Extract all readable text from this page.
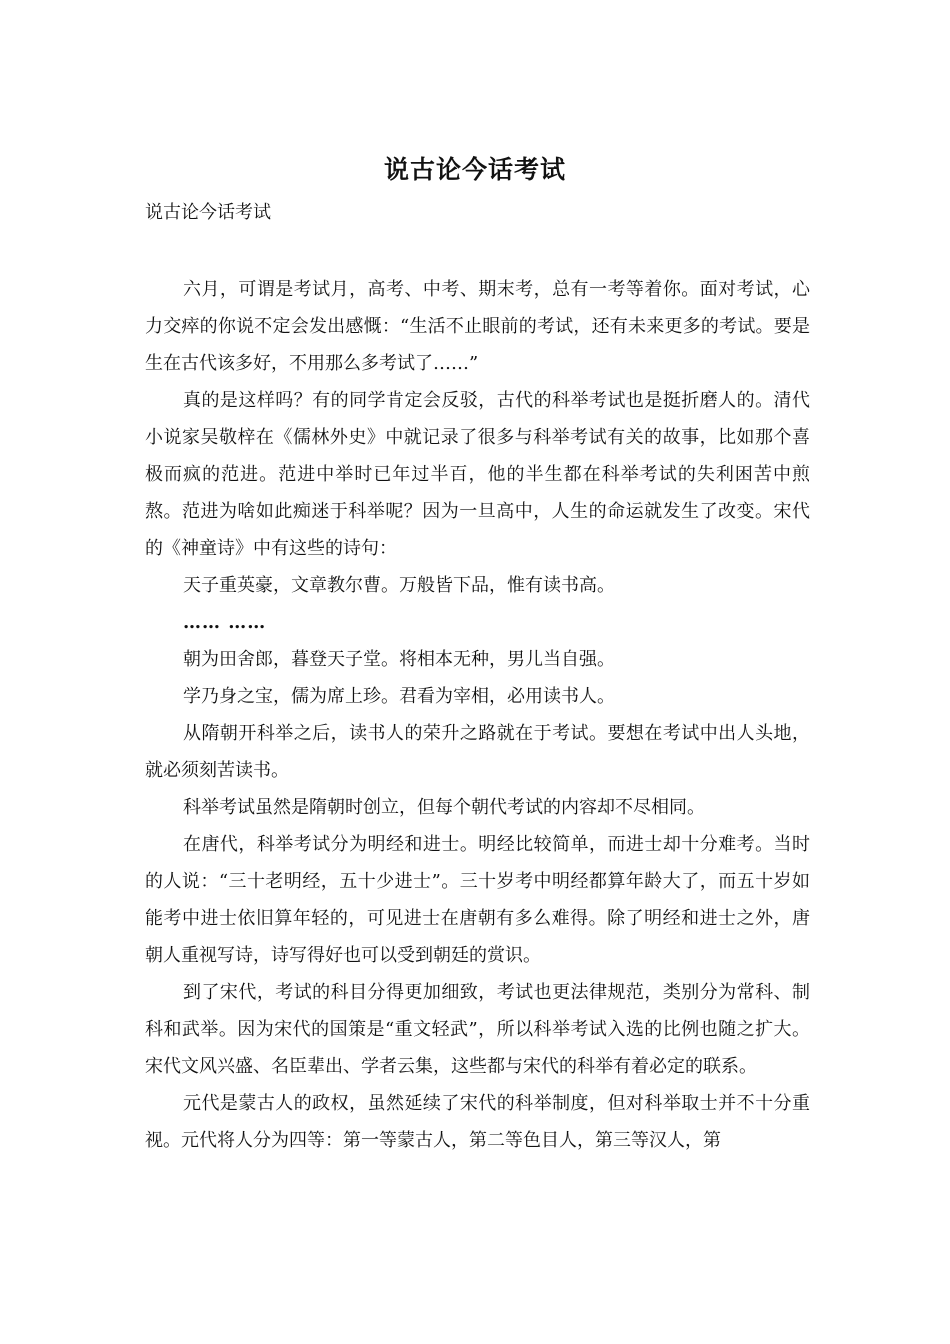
说古论今话考试
说古论今话考试

六月，可谓是考试月，高考、中考、期末考，总有一考等着你。面对考试，心力交瘁的你说不定会发出感慨：“生活不止眼前的考试，还有未来更多的考试。要是生在古代该多好，不用那么多考试了……”

真的是这样吗？有的同学肯定会反驳，古代的科举考试也是挺折磨人的。清代小说家吴敬梓在《儒林外史》中就记录了很多与科举考试有关的故事，比如那个喜极而疯的范进。范进中举时已年过半百，他的半生都在科举考试的失利困苦中煎熬。范进为啥如此痴迷于科举呢？因为一旦高中，人生的命运就发生了改变。宋代的《神童诗》中有这些的诗句：

天子重英豪，文章教尔曹。万般皆下品，惟有读书高。

…… ……

朝为田舍郎，暮登天子堂。将相本无种，男儿当自强。

学乃身之宝，儒为席上珍。君看为宰相，必用读书人。

从隋朝开科举之后，读书人的荣升之路就在于考试。要想在考试中出人头地，就必须刻苦读书。

科举考试虽然是隋朝时创立，但每个朝代考试的内容却不尽相同。

在唐代，科举考试分为明经和进士。明经比较简单，而进士却十分难考。当时的人说：“三十老明经，五十少进士”。三十岁考中明经都算年龄大了，而五十岁如能考中进士依旧算年轻的，可见进士在唐朝有多么难得。除了明经和进士之外，唐朝人重视写诗，诗写得好也可以受到朝廷的赏识。

到了宋代，考试的科目分得更加细致，考试也更法律规范，类别分为常科、制科和武举。因为宋代的国策是“重文轻武”，所以科举考试入选的比例也随之扩大。宋代文风兴盛、名臣辈出、学者云集，这些都与宋代的科举有着必定的联系。

元代是蒙古人的政权，虽然延续了宋代的科举制度，但对科举取士并不十分重视。元代将人分为四等：第一等蒙古人，第二等色目人，第三等汉人，第
